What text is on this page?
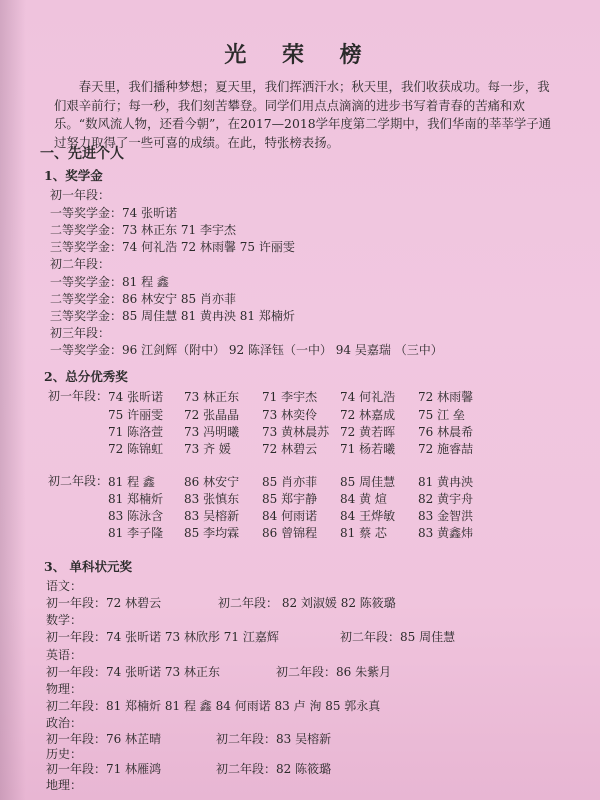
光 荣 榜
春天里，我们播种梦想；夏天里，我们挥洒汗水；秋天里，我们收获成功。每一步，我们艰辛前行；每一秒，我们刻苦攀登。同学们用点点滴滴的进步书写着青春的苦痛和欢乐。“数风流人物，还看今朝”，在2017—2018学年度第二学期中，我们华南的莘莘学子通过努力取得了一些可喜的成绩。在此，特张榜表扬。
一、先进个人
1、奖学金
初一年段：
一等奖学金：74 张昕诺
二等奖学金：73 林正东 71 李宇杰
三等奖学金：74 何礼浩 72 林雨馨 75 许丽雯
初二年段：
一等奖学金：81 程 鑫
二等奖学金：86 林安宁 85 肖亦菲
三等奖学金：85 周佳慧 81 黄冉泱 81 郑楠炘
初三年段：
一等奖学金：96 江剑辉（附中） 92 陈泽钰（一中） 94 吴嘉瑞 （三中）
2、总分优秀奖
初一年段： 74 张昕诺 73 林正东 71 李宇杰 74 何礼浩 72 林雨馨
75 许丽雯 72 张晶晶 73 林奕伶 72 林嘉成 75 江 垒
71 陈洛萱 73 冯明曦 73 黄林晨苏 72 黄若晖 76 林晨希
72 陈锦虹 73 齐 媛	72 林碧云 71 杨若曦 72 施睿喆
初二年段： 81 程 鑫 86 林安宁 85 肖亦菲 85 周佳慧 81 黄冉泱
81 郑楠炘 83 张慎东 85 郑宇静 84 黄 煊	82 黄宇舟
83 陈泳含 83 吴榕新 84 何雨诺 84 王烨敏 83 金智洪
81 李子隆 85 李均霖 86 曾锦程 81 蔡 芯	83 黄鑫炜
3、 单科状元奖
语文：
初一年段：72 林碧云	初二年段： 82 刘淑媛 82 陈筱璐
数学：
初一年段：74 张昕诺 73 林欣彤 71 江嘉辉	初二年段：85 周佳慧
英语：
初一年段：74 张昕诺 73 林正东	初二年段：86 朱紫月
物理：
初二年段：81 郑楠炘 81 程 鑫 84 何雨诺 83 卢 洵 85 郭永真
政治：
初一年段：76 林芷晴	初二年段：83 吴榕新
历史：
初一年段：71 林雁鸿	初二年段：82 陈筱璐
地理：
